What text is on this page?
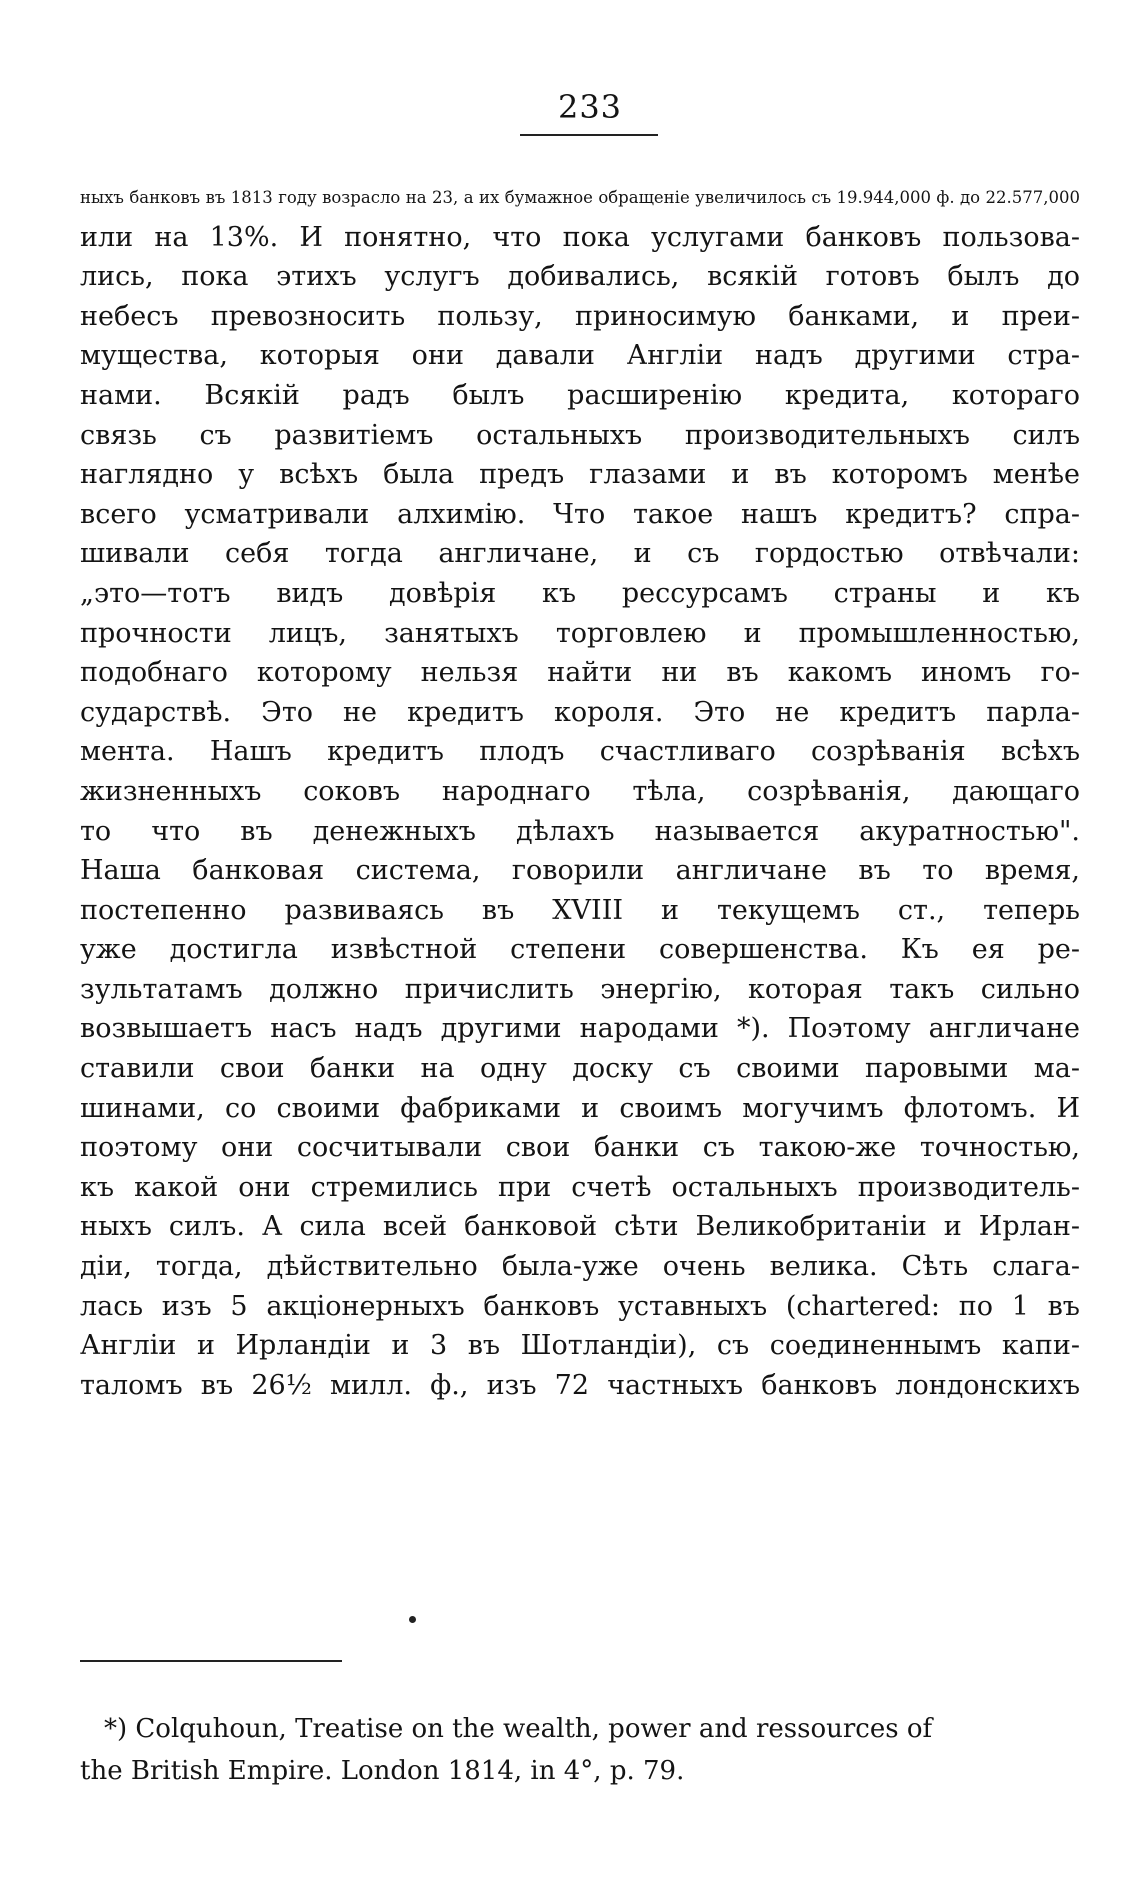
233
ныхъ банковъ въ 1813 году возрасло на 23, а их бумажное обращеніе увеличилось съ 19.944,000 ф. до 22.577,000
или на 13%. И понятно, что пока услугами банковъ пользова-
лись, пока этихъ услугъ добивались, всякій готовъ былъ до
небесъ превозносить пользу, приносимую банками, и преи-
мущества, которыя они давали Англіи надъ другими стра-
нами. Всякій радъ былъ расширенію кредита, котораго
связь съ развитіемъ остальныхъ производительныхъ силъ
наглядно у всѣхъ была предъ глазами и въ которомъ менѣе
всего усматривали алхимію. Что такое нашъ кредитъ? спра-
шивали себя тогда англичане, и съ гордостью отвѣчали:
„это—тотъ видъ довѣрія къ рессурсамъ страны и къ
прочности лицъ, занятыхъ торговлею и промышленностью,
подобнаго которому нельзя найти ни въ какомъ иномъ го-
сударствѣ. Это не кредитъ короля. Это не кредитъ парла-
мента. Нашъ кредитъ плодъ счастливаго созрѣванія всѣхъ
жизненныхъ соковъ народнаго тѣла, созрѣванія, дающаго
то что въ денежныхъ дѣлахъ называется акуратностью".
Наша банковая система, говорили англичане въ то время,
постепенно развиваясь въ XVIII и текущемъ ст., теперь
уже достигла извѣстной степени совершенства. Къ ея ре-
зультатамъ должно причислить энергію, которая такъ сильно
возвышаетъ насъ надъ другими народами *). Поэтому англичане
ставили свои банки на одну доску съ своими паровыми ма-
шинами, со своими фабриками и своимъ могучимъ флотомъ. И
поэтому они сосчитывали свои банки съ такою-же точностью,
къ какой они стремились при счетѣ остальныхъ производитель-
ныхъ силъ. А сила всей банковой сѣти Великобританіи и Ирлан-
діи, тогда, дѣйствительно была-уже очень велика. Сѣть слага-
лась изъ 5 акціонерныхъ банковъ уставныхъ (chartered: по 1 въ
Англіи и Ирландіи и 3 въ Шотландіи), съ соединеннымъ капи-
таломъ въ 26½ милл. ф., изъ 72 частныхъ банковъ лондонскихъ
*) Colquhoun, Treatise on the wealth, power and ressources of
the British Empire. London 1814, in 4°, p. 79.
